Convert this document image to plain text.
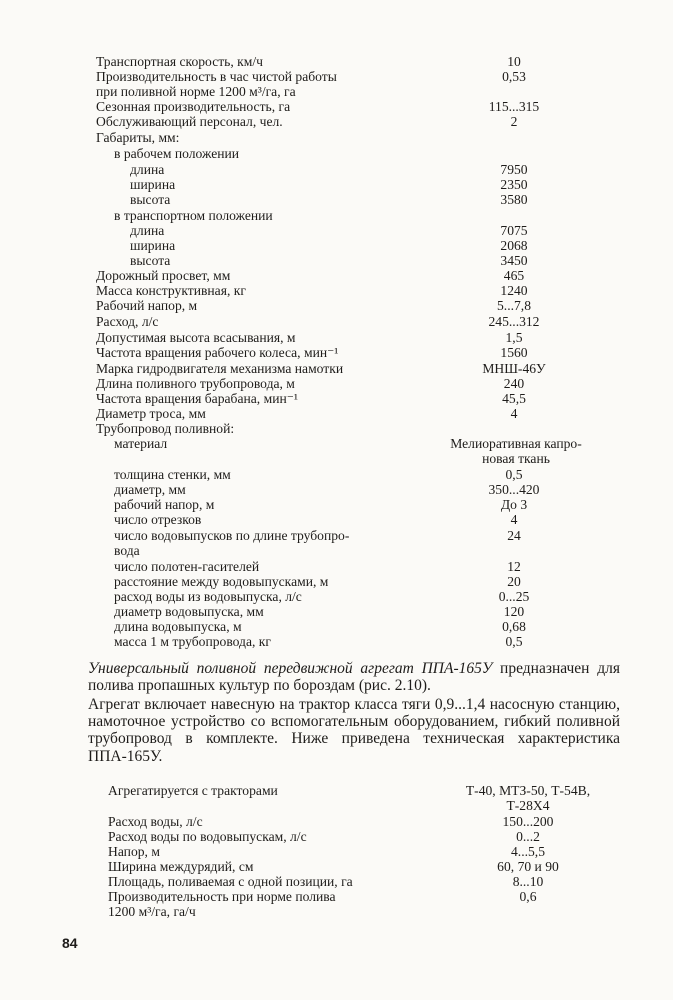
Транспортная скорость, км/ч	10
Производительность в час чистой работы	0,53
при поливной норме 1200 м³/га, га
Сезонная производительность, га	115...315
Обслуживающий персонал, чел.	2
Габариты, мм:
в рабочем положении
длина	7950
ширина	2350
высота	3580
в транспортном положении
длина	7075
ширина	2068
высота	3450
Дорожный просвет, мм	465
Масса конструктивная, кг	1240
Рабочий напор, м	5...7,8
Расход, л/с	245...312
Допустимая высота всасывания, м	1,5
Частота вращения рабочего колеса, мин⁻¹	1560
Марка гидродвигателя механизма намотки	МНШ-46У
Длина поливного трубопровода, м	240
Частота вращения барабана, мин⁻¹	45,5
Диаметр троса, мм	4
Трубопровод поливной:
материал	Мелиоративная капро-
новая ткань
толщина стенки, мм	0,5
диаметр, мм	350...420
рабочий напор, м	До 3
число отрезков	4
число водовыпусков по длине трубопро-	24
вода
число полотен-гасителей	12
расстояние между водовыпусками, м	20
расход воды из водовыпуска, л/с	0...25
диаметр водовыпуска, мм	120
длина водовыпуска, м	0,68
масса 1 м трубопровода, кг	0,5
Универсальный поливной передвижной агрегат ППА-165У предназначен для полива пропашных культур по бороздам (рис. 2.10).
Агрегат включает навесную на трактор класса тяги 0,9...1,4 насосную станцию, намоточное устройство со вспомогательным оборудованием, гибкий поливной трубопровод в комплекте. Ниже приведена техническая характеристика ППА-165У.
Агрегатируется с тракторами	Т-40, МТЗ-50, Т-54В,
Т-28Х4
Расход воды, л/с	150...200
Расход воды по водовыпускам, л/с	0...2
Напор, м	4...5,5
Ширина междурядий, см	60, 70 и 90
Площадь, поливаемая с одной позиции, га	8...10
Производительность при норме полива	0,6
1200 м³/га, га/ч
84
